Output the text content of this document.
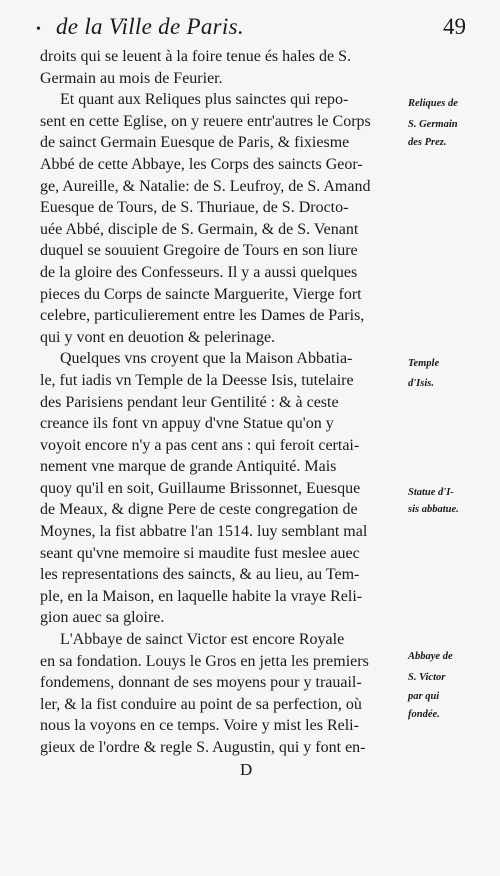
• de la Ville de Paris.	49
droits qui se leuent à la foire tenue és hales de S.
Germain au mois de Feurier.
Et quant aux Reliques plus sainctes qui repo-
sent en cette Eglise, on y reuere entr'autres le Corps
de sainct Germain Euesque de Paris, & fixiesme
Abbé de cette Abbaye, les Corps des saincts Geor-
ge, Aureille, & Natalie: de S. Leufroy, de S. Amand
Euesque de Tours, de S. Thuriaue, de S. Drocto-
uée Abbé, disciple de S. Germain, & de S. Venant
duquel se souuient Gregoire de Tours en son liure
de la gloire des Confesseurs. Il y a aussi quelques
pieces du Corps de saincte Marguerite, Vierge fort
celebre, particulierement entre les Dames de Paris,
qui y vont en deuotion & pelerinage.
Quelques vns croyent que la Maison Abbatia-
le, fut iadis vn Temple de la Deesse Isis, tutelaire
des Parisiens pendant leur Gentilité : & à ceste
creance ils font vn appuy d'vne Statue qu'on y
voyoit encore n'y a pas cent ans : qui feroit certai-
nement vne marque de grande Antiquité. Mais
quoy qu'il en soit, Guillaume Brissonnet, Euesque
de Meaux, & digne Pere de ceste congregation de
Moynes, la fist abbatre l'an 1514. luy semblant mal
seant qu'vne memoire si maudite fust meslee auec
les representations des saincts, & au lieu, au Tem-
ple, en la Maison, en laquelle habite la vraye Reli-
gion auec sa gloire.
L'Abbaye de sainct Victor est encore Royale
en sa fondation. Louys le Gros en jetta les premiers
fondemens, donnant de ses moyens pour y trauail-
ler, & la fist conduire au point de sa perfection, où
nous la voyons en ce temps. Voire y mist les Reli-
gieux de l'ordre & regle S. Augustin, qui y font en-
D
Reliques de
S. Germain
des Prez.
Temple
d'Isis.
Statue d'I-
sis abbatue.
Abbaye de
S. Victor
par qui
fondée.
